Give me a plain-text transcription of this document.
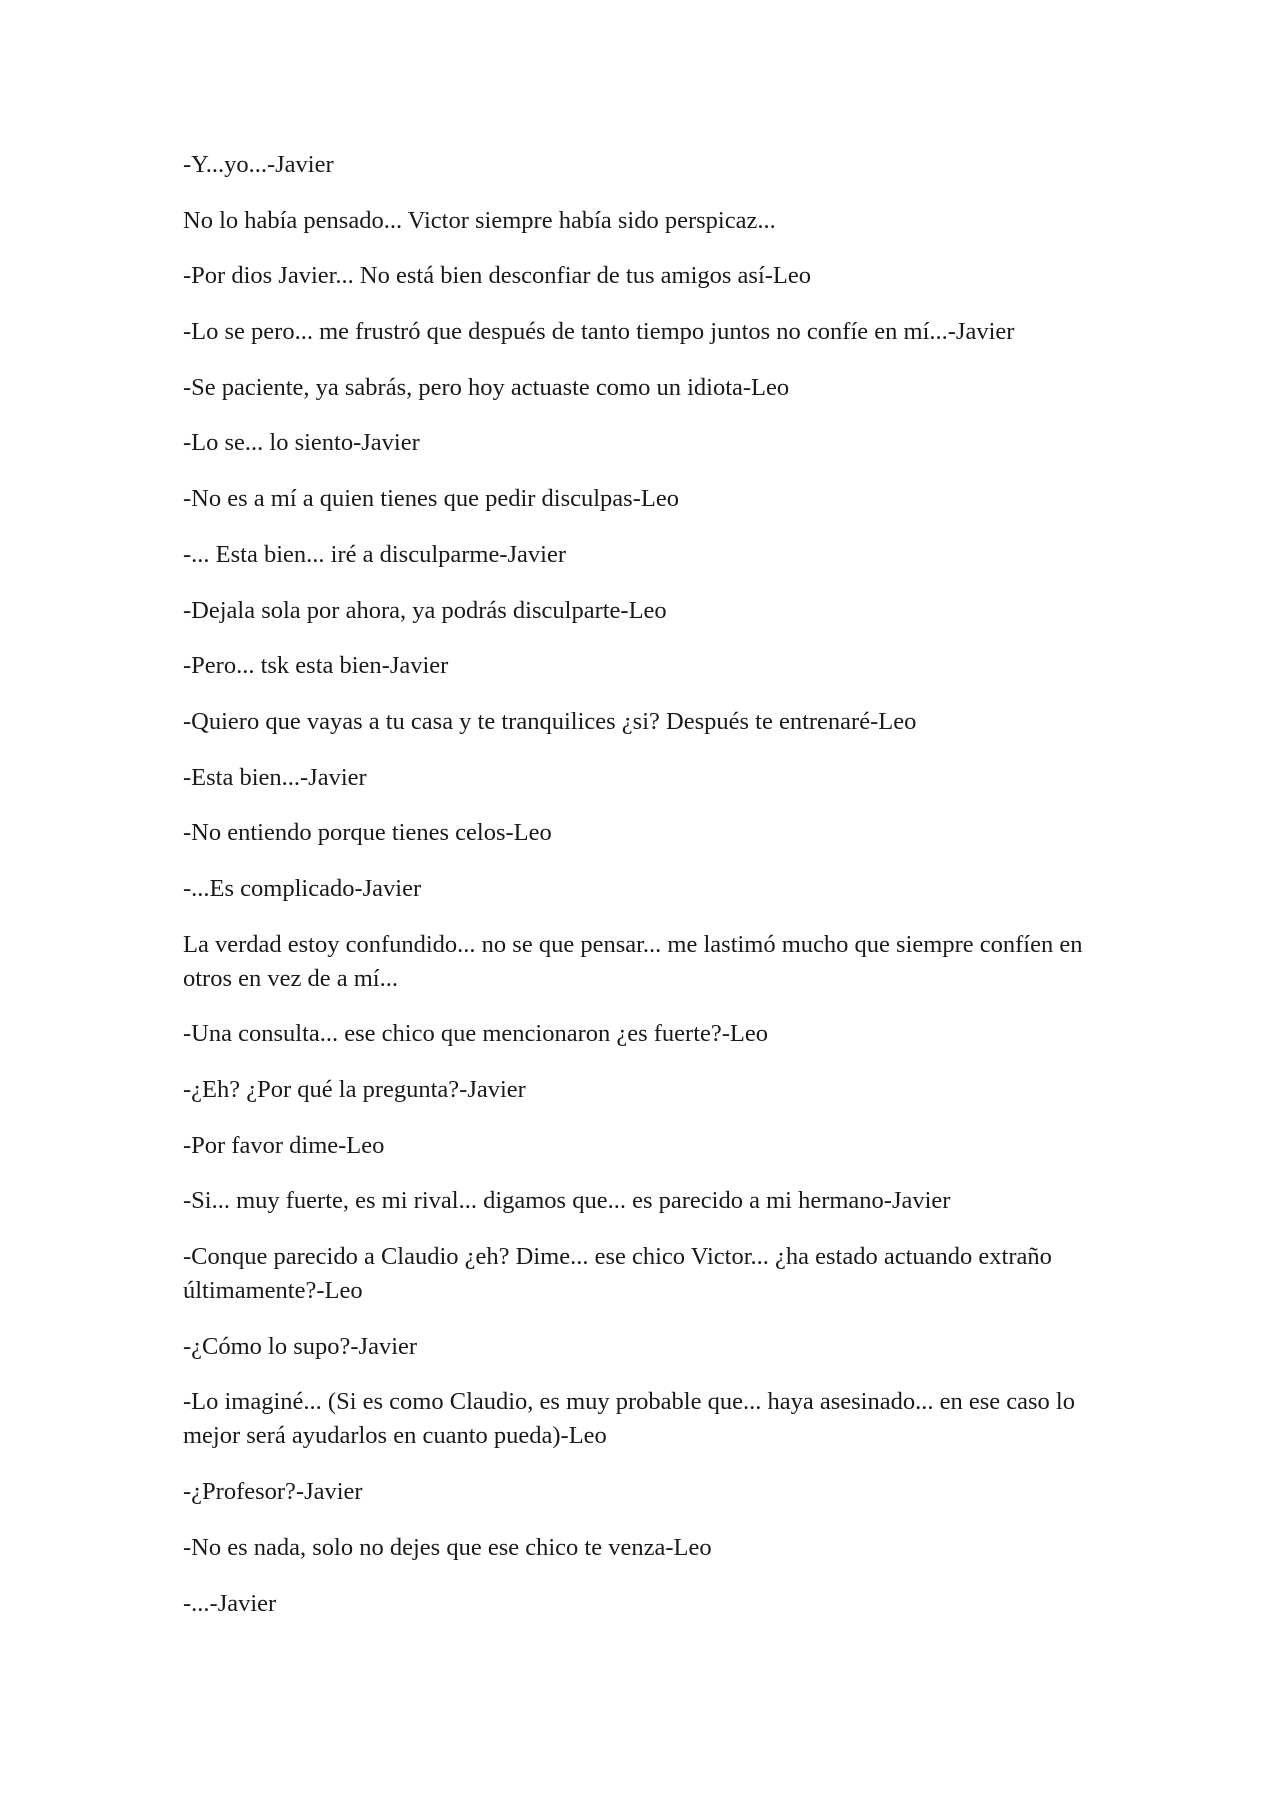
-Y...yo...-Javier

No lo había pensado... Victor siempre había sido perspicaz...

-Por dios Javier... No está bien desconfiar de tus amigos así-Leo

-Lo se pero... me frustró que después de tanto tiempo juntos no confíe en mí...-Javier

-Se paciente, ya sabrás, pero hoy actuaste como un idiota-Leo

-Lo se... lo siento-Javier

-No es a mí a quien tienes que pedir disculpas-Leo

-... Esta bien... iré a disculparme-Javier

-Dejala sola por ahora, ya podrás disculparte-Leo

-Pero... tsk esta bien-Javier

-Quiero que vayas a tu casa y te tranquilices ¿si? Después te entrenaré-Leo

-Esta bien...-Javier

-No entiendo porque tienes celos-Leo

-...Es complicado-Javier

La verdad estoy confundido... no se que pensar... me lastimó mucho que siempre confíen en otros en vez de a mí...

-Una consulta... ese chico que mencionaron ¿es fuerte?-Leo

-¿Eh? ¿Por qué la pregunta?-Javier

-Por favor dime-Leo

-Si... muy fuerte, es mi rival... digamos que... es parecido a mi hermano-Javier

-Conque parecido a Claudio ¿eh? Dime... ese chico Victor... ¿ha estado actuando extraño últimamente?-Leo

-¿Cómo lo supo?-Javier

-Lo imaginé... (Si es como Claudio, es muy probable que... haya asesinado... en ese caso lo mejor será ayudarlos en cuanto pueda)-Leo

-¿Profesor?-Javier

-No es nada, solo no dejes que ese chico te venza-Leo

-...-Javier
